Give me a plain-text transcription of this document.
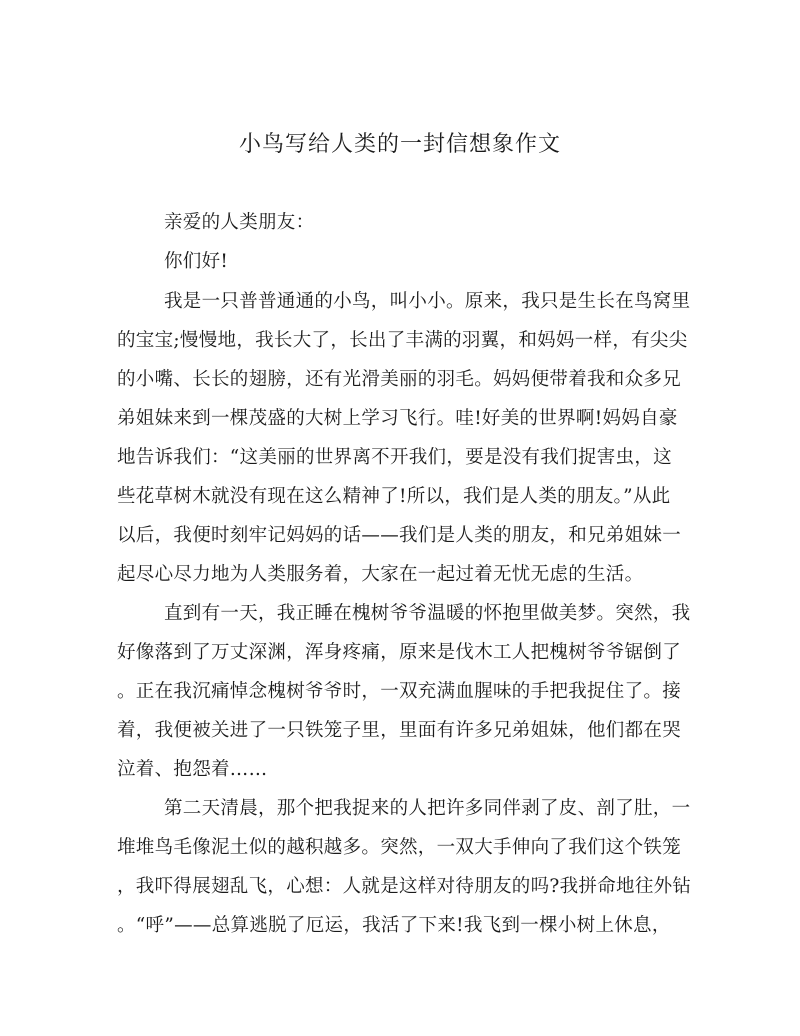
小鸟写给人类的一封信想象作文
亲爱的人类朋友：
你们好!
我是一只普普通通的小鸟，叫小小。原来，我只是生长在鸟窝里
的宝宝;慢慢地，我长大了，长出了丰满的羽翼，和妈妈一样，有尖尖
的小嘴、长长的翅膀，还有光滑美丽的羽毛。妈妈便带着我和众多兄
弟姐妹来到一棵茂盛的大树上学习飞行。哇!好美的世界啊!妈妈自豪
地告诉我们：“这美丽的世界离不开我们，要是没有我们捉害虫，这
些花草树木就没有现在这么精神了!所以，我们是人类的朋友。”从此
以后，我便时刻牢记妈妈的话——我们是人类的朋友，和兄弟姐妹一
起尽心尽力地为人类服务着，大家在一起过着无忧无虑的生活。
直到有一天，我正睡在槐树爷爷温暖的怀抱里做美梦。突然，我
好像落到了万丈深渊，浑身疼痛，原来是伐木工人把槐树爷爷锯倒了
。正在我沉痛悼念槐树爷爷时，一双充满血腥味的手把我捉住了。接
着，我便被关进了一只铁笼子里，里面有许多兄弟姐妹，他们都在哭
泣着、抱怨着……
第二天清晨，那个把我捉来的人把许多同伴剥了皮、剖了肚，一
堆堆鸟毛像泥土似的越积越多。突然，一双大手伸向了我们这个铁笼
，我吓得展翅乱飞，心想：人就是这样对待朋友的吗?我拼命地往外钻
。“呼”——总算逃脱了厄运，我活了下来!我飞到一棵小树上休息，
